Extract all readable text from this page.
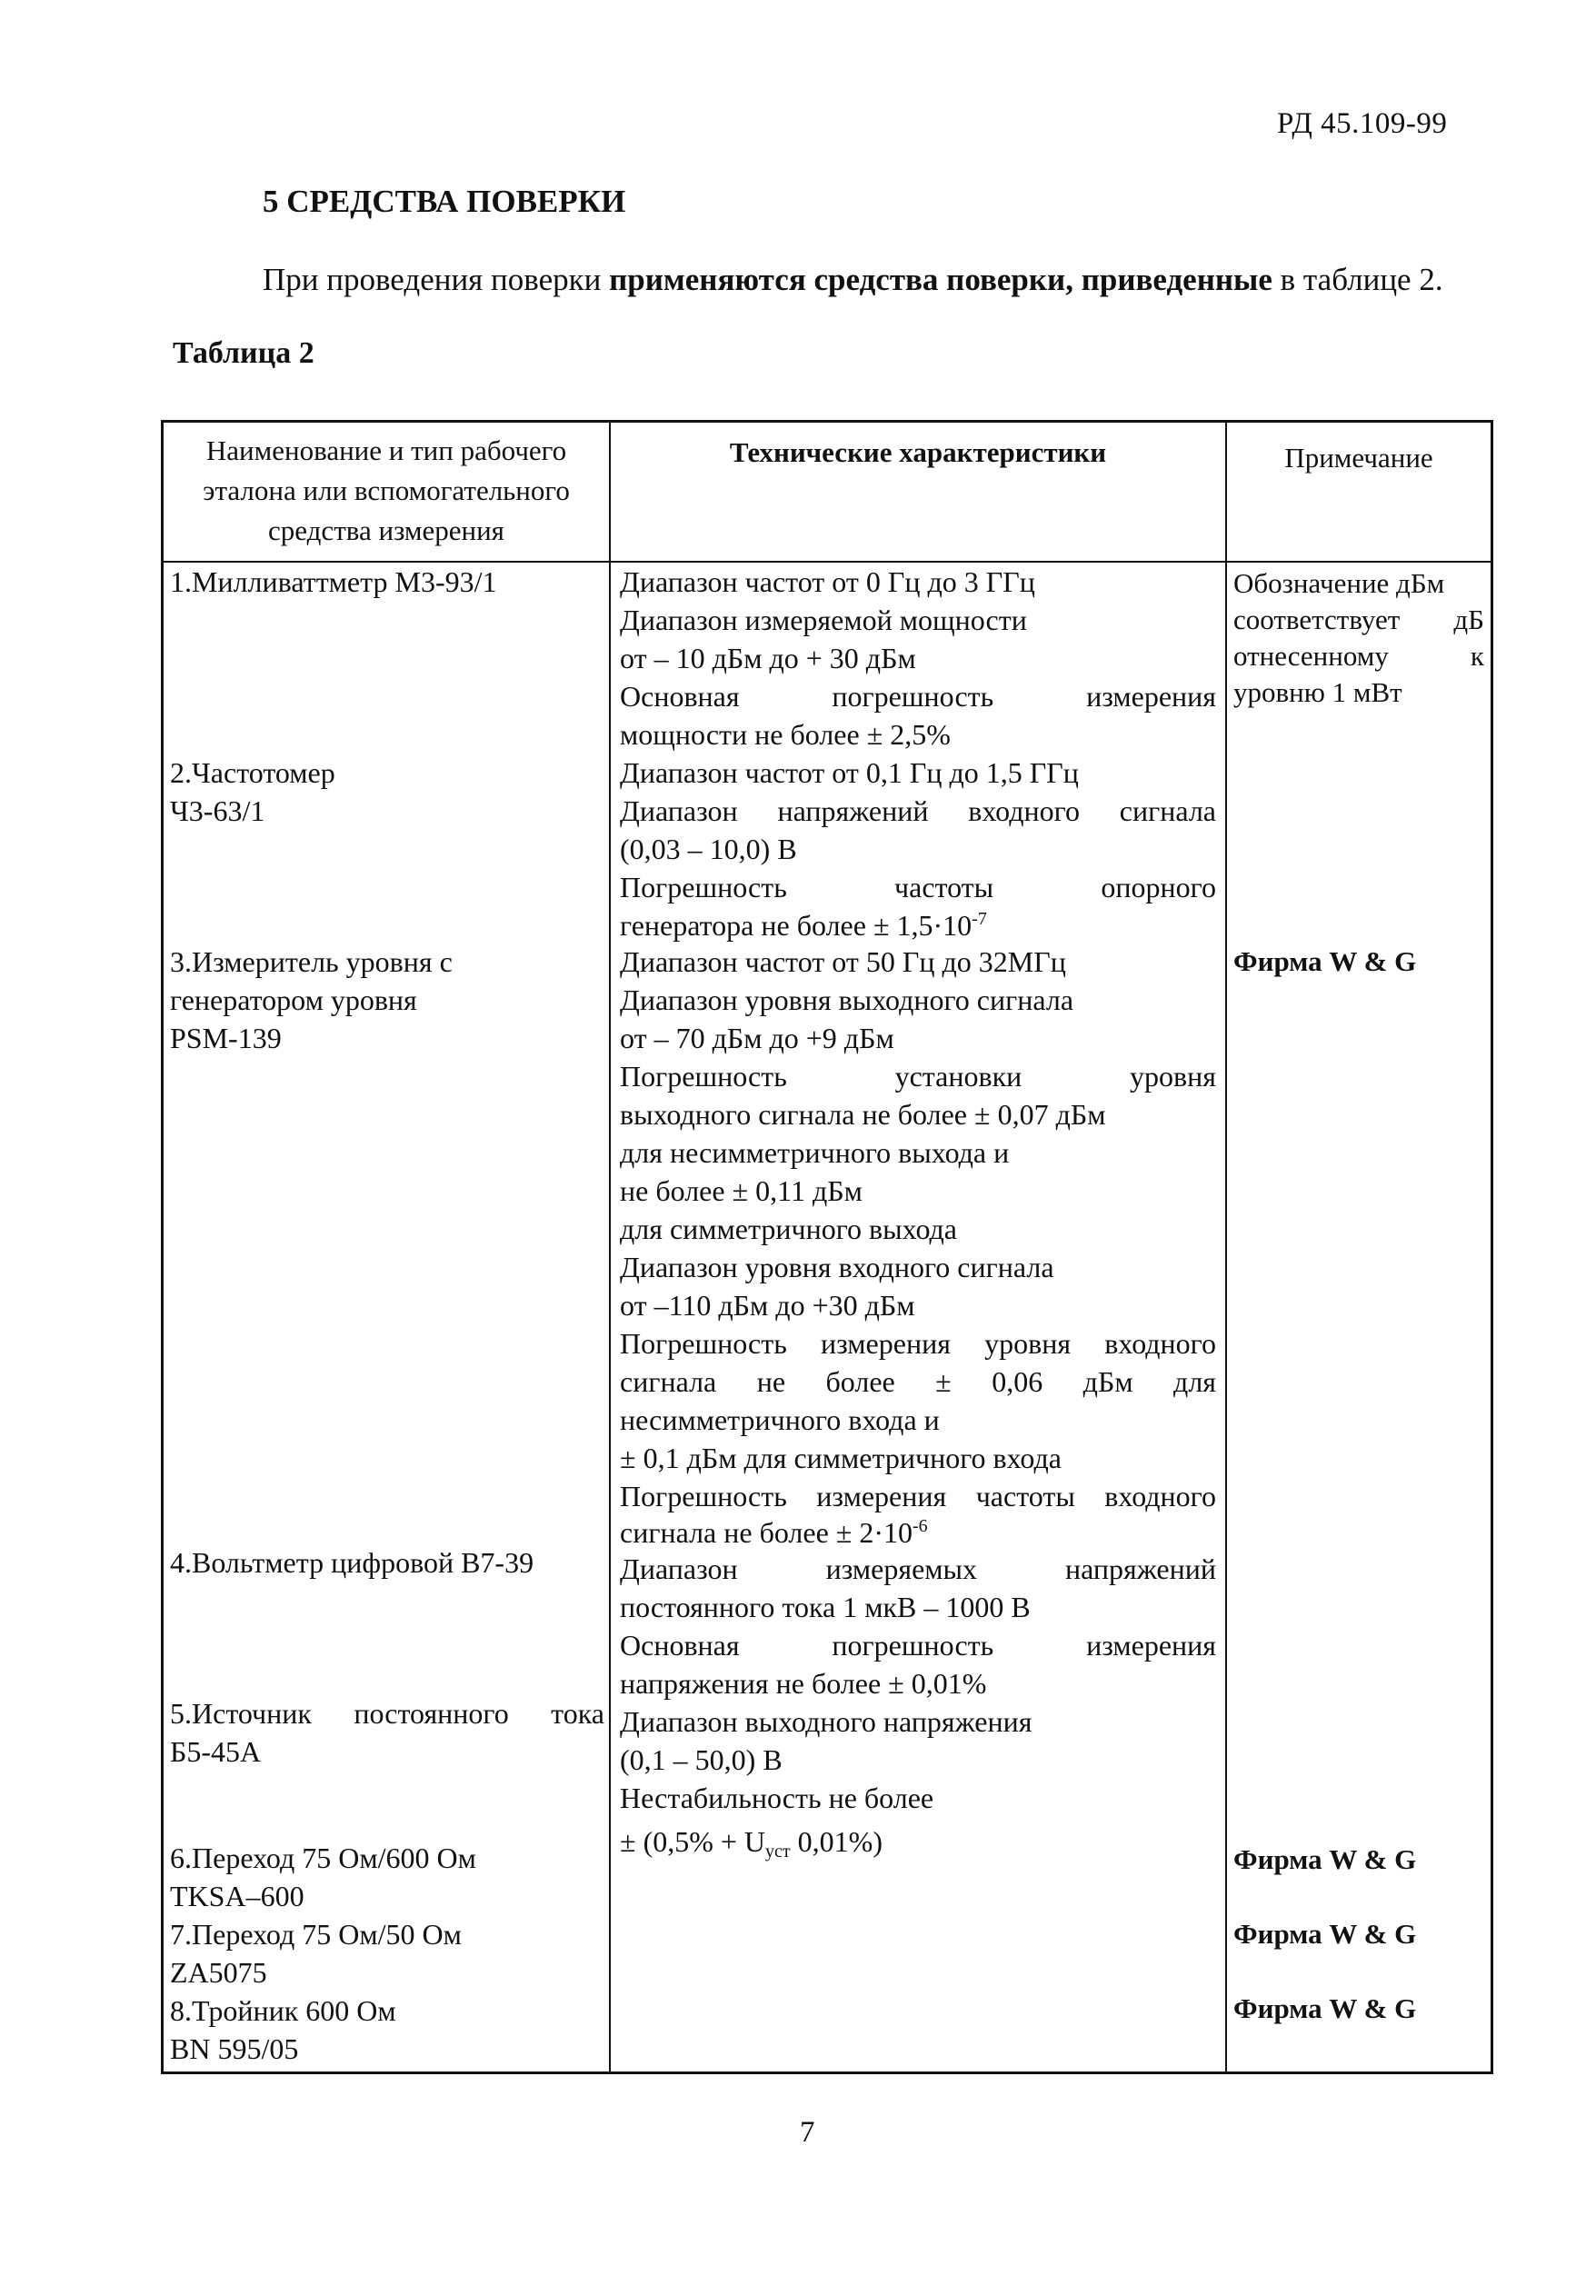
РД 45.109-99
5 СРЕДСТВА ПОВЕРКИ
При проведения поверки применяются средства поверки, приведенные в таблице 2.
Таблица 2
Наименование и тип рабочего
эталона или вспомогательного
средства измерения
Технические характеристики	Примечание
1.Милливаттметр М3-93/1
2.Частотомер
Ч3-63/1
3.Измеритель уровня с
генератором уровня
PSM-139
4.Вольтметр цифровой В7-39
5.Источник постоянного тока
Б5-45А
6.Переход 75 Ом/600 Ом
TKSA–600
7.Переход 75 Ом/50 Ом
ZA5075
8.Тройник 600 Ом
BN 595/05
Диапазон частот от 0 Гц до 3 ГГц
Диапазон измеряемой мощности
от – 10 дБм до + 30 дБм
Основная погрешность измерения
мощности не более ± 2,5%
Диапазон частот от 0,1 Гц до 1,5 ГГц
Диапазон напряжений входного сигнала
(0,03 – 10,0) В
Погрешность частоты опорного
генератора не более ± $1,5\cdot 10^{-7}$
Диапазон частот от 50 Гц до 32МГц
Диапазон уровня выходного сигнала
от – 70 дБм до +9 дБм
Погрешность установки уровня
выходного сигнала не более ± 0,07 дБм
для несимметричного выхода и
не более ± 0,11 дБм
для симметричного выхода
Диапазон уровня входного сигнала
от –110 дБм до +30 дБм
Погрешность измерения уровня входного
сигнала не более ± 0,06 дБм для
несимметричного входа и
± 0,1 дБм для симметричного входа
Погрешность измерения частоты входного
сигнала не более ± $2\cdot 10^{-6}$
Диапазон измеряемых напряжений
постоянного тока 1 мкВ – 1000 В
Основная погрешность измерения
напряжения не более ± 0,01%
Диапазон выходного напряжения
(0,1 – 50,0) В
Нестабильность не более
± ($0,5\% + U_{уст}$ 0,01%)
Обозначение дБм
соответствует дБ
отнесенному к
уровню 1 мВт
Фирма W & G
Фирма W & G
Фирма W & G
Фирма W & G
7
